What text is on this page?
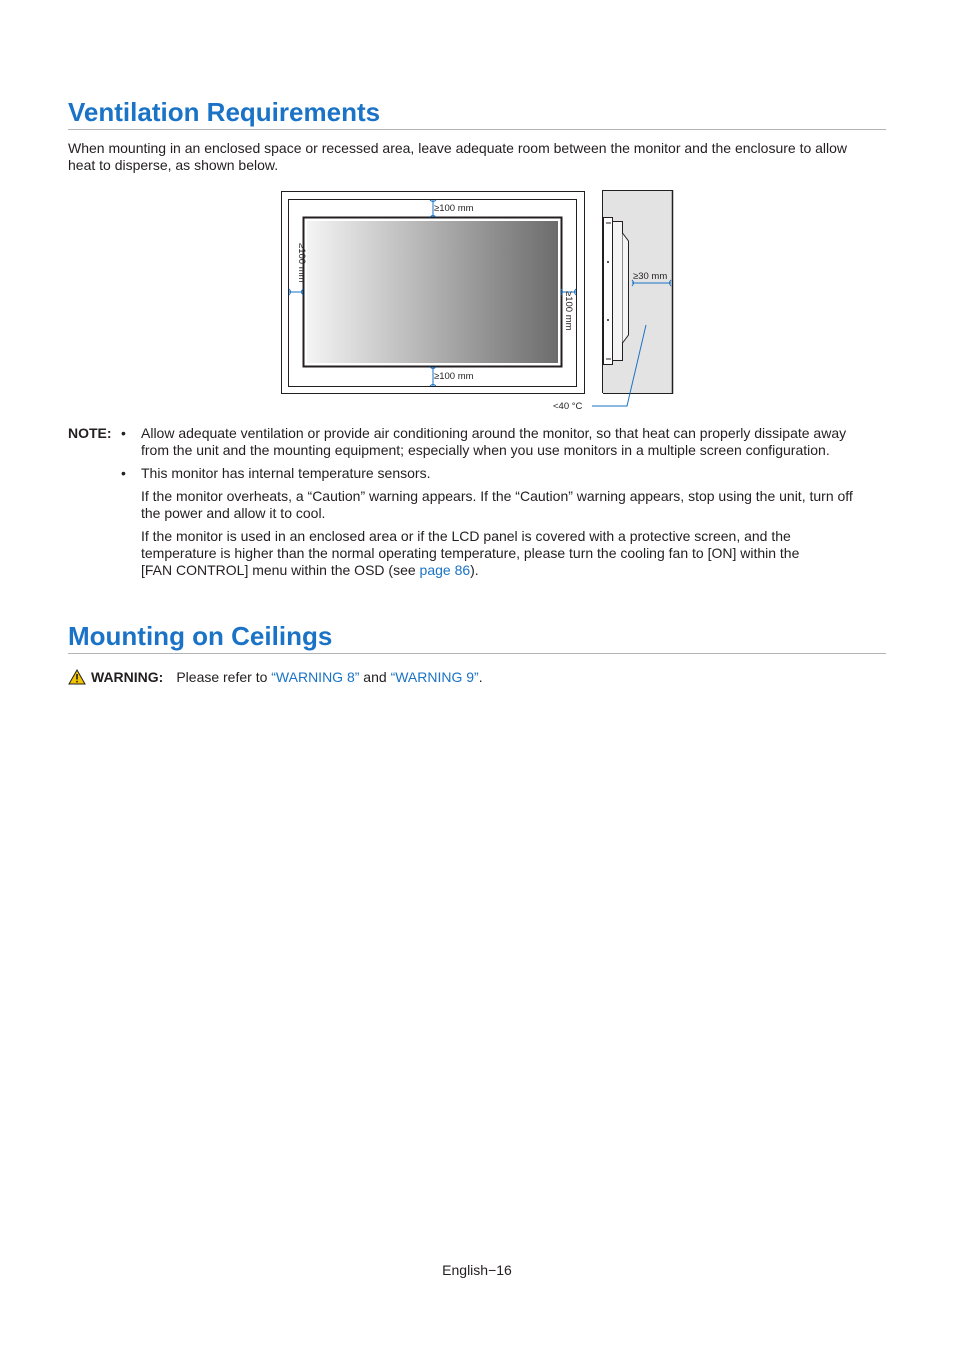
Ventilation Requirements
When mounting in an enclosed space or recessed area, leave adequate room between the monitor and the enclosure to allow
heat to disperse, as shown below.
≥100 mm
≥100 mm
≥100 mm
≥100 mm
≥30 mm
<40 °C
NOTE: • Allow adequate ventilation or provide air conditioning around the monitor, so that heat can properly dissipate away
from the unit and the mounting equipment; especially when you use monitors in a multiple screen configuration.
• This monitor has internal temperature sensors.
If the monitor overheats, a “Caution” warning appears. If the “Caution” warning appears, stop using the unit, turn off
the power and allow it to cool.
If the monitor is used in an enclosed area or if the LCD panel is covered with a protective screen, and the
temperature is higher than the normal operating temperature, please turn the cooling fan to [ON] within the
[FAN CONTROL] menu within the OSD (see page 86).
Mounting on Ceilings
WARNING: Please refer to “WARNING 8” and “WARNING 9” .
English−16
